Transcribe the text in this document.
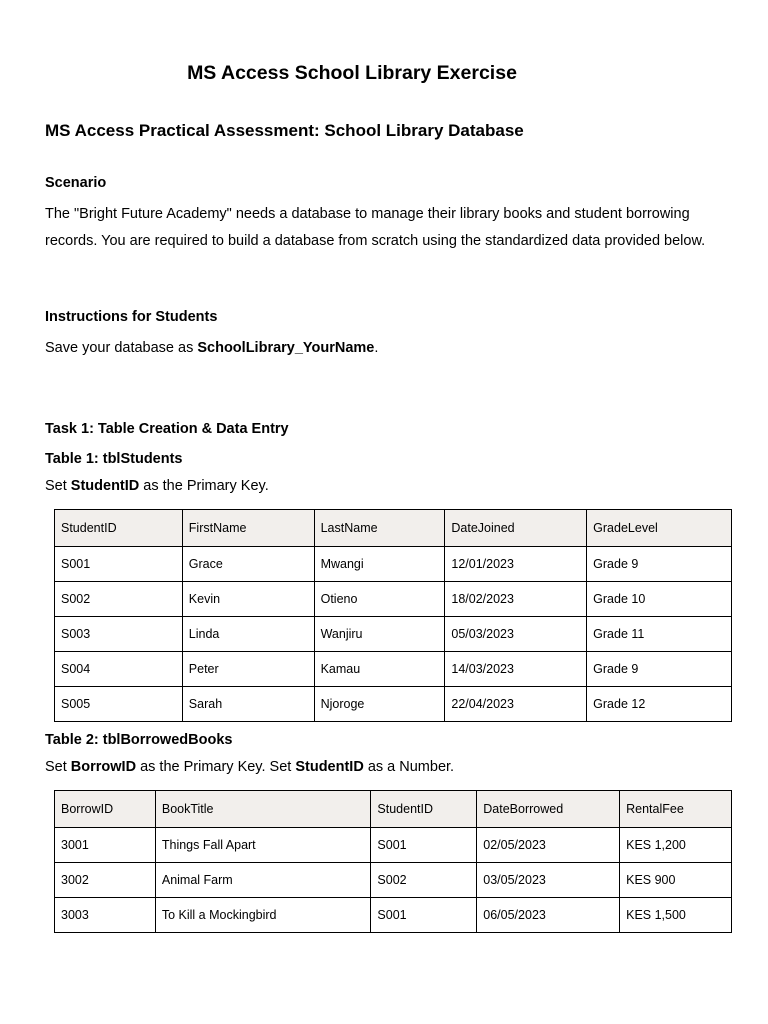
MS Access School Library Exercise
MS Access Practical Assessment: School Library Database
Scenario

The "Bright Future Academy" needs a database to manage their library books and student borrowing records. You are required to build a database from scratch using the standardized data provided below.

Instructions for Students

Save your database as SchoolLibrary_YourName.

Task 1: Table Creation & Data Entry
Table 1: tblStudents

Set StudentID as the Primary Key.

StudentID	FirstName	LastName	DateJoined	GradeLevel
S001	Grace	Mwangi	12/01/2023	Grade 9
S002	Kevin	Otieno	18/02/2023	Grade 10
S003	Linda	Wanjiru	05/03/2023	Grade 11
S004	Peter	Kamau	14/03/2023	Grade 9
S005	Sarah	Njoroge	22/04/2023	Grade 12
Table 2: tblBorrowedBooks

Set BorrowID as the Primary Key. Set StudentID as a Number.

BorrowID	BookTitle	StudentID	DateBorrowed	RentalFee
3001	Things Fall Apart	S001	02/05/2023	KES 1,200
3002	Animal Farm	S002	03/05/2023	KES 900
3003	To Kill a Mockingbird	S001	06/05/2023	KES 1,500
